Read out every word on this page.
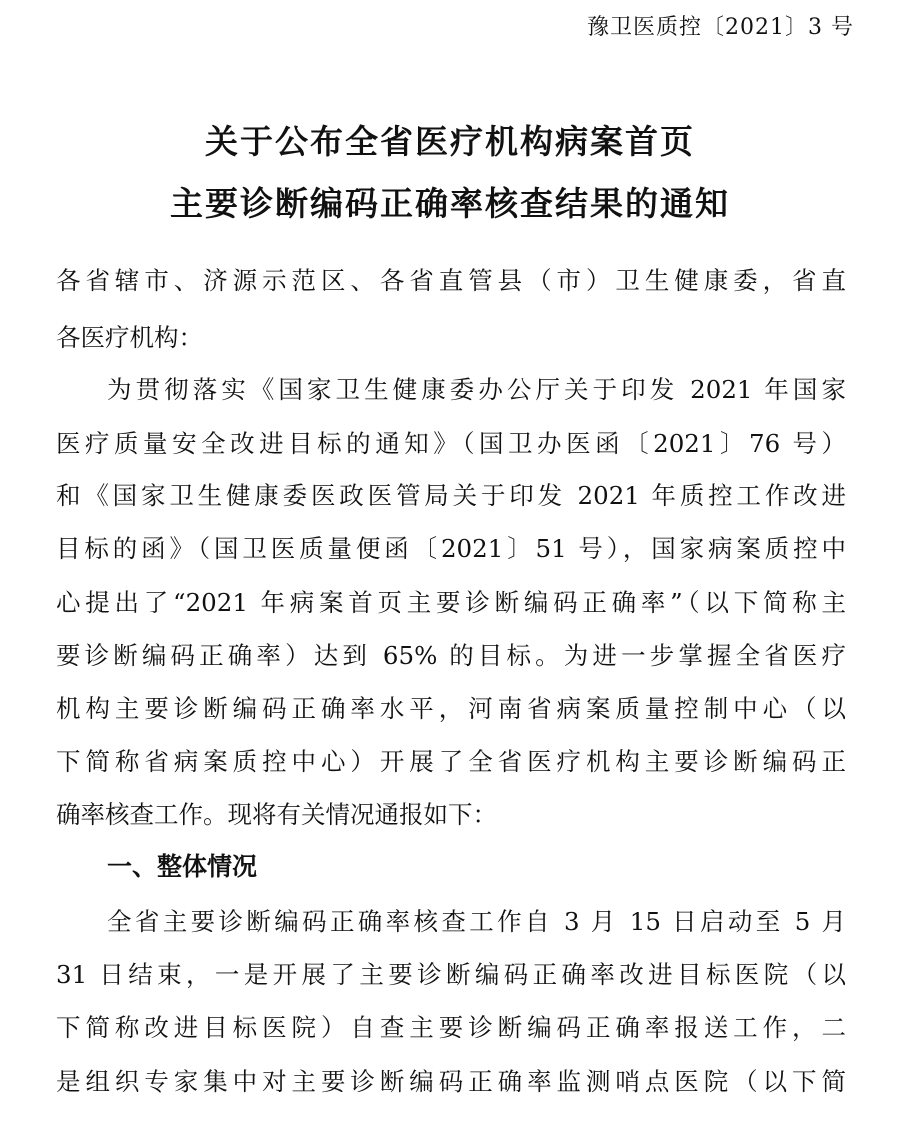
豫卫医质控〔2021〕3 号
关于公布全省医疗机构病案首页
主要诊断编码正确率核查结果的通知
各省辖市、济源示范区、各省直管县（市）卫生健康委，省直
各医疗机构：
为贯彻落实《国家卫生健康委办公厅关于印发 2021 年国家
医疗质量安全改进目标的通知》（国卫办医函〔2021〕76 号）
和《国家卫生健康委医政医管局关于印发 2021 年质控工作改进
目标的函》（国卫医质量便函〔2021〕51 号），国家病案质控中
心提出了“2021 年病案首页主要诊断编码正确率”（以下简称主
要诊断编码正确率）达到 65% 的目标。为进一步掌握全省医疗
机构主要诊断编码正确率水平，河南省病案质量控制中心（以
下简称省病案质控中心）开展了全省医疗机构主要诊断编码正
确率核查工作。现将有关情况通报如下：
一、整体情况
全省主要诊断编码正确率核查工作自 3 月 15 日启动至 5 月
31 日结束，一是开展了主要诊断编码正确率改进目标医院（以
下简称改进目标医院）自查主要诊断编码正确率报送工作，二
是组织专家集中对主要诊断编码正确率监测哨点医院（以下简
